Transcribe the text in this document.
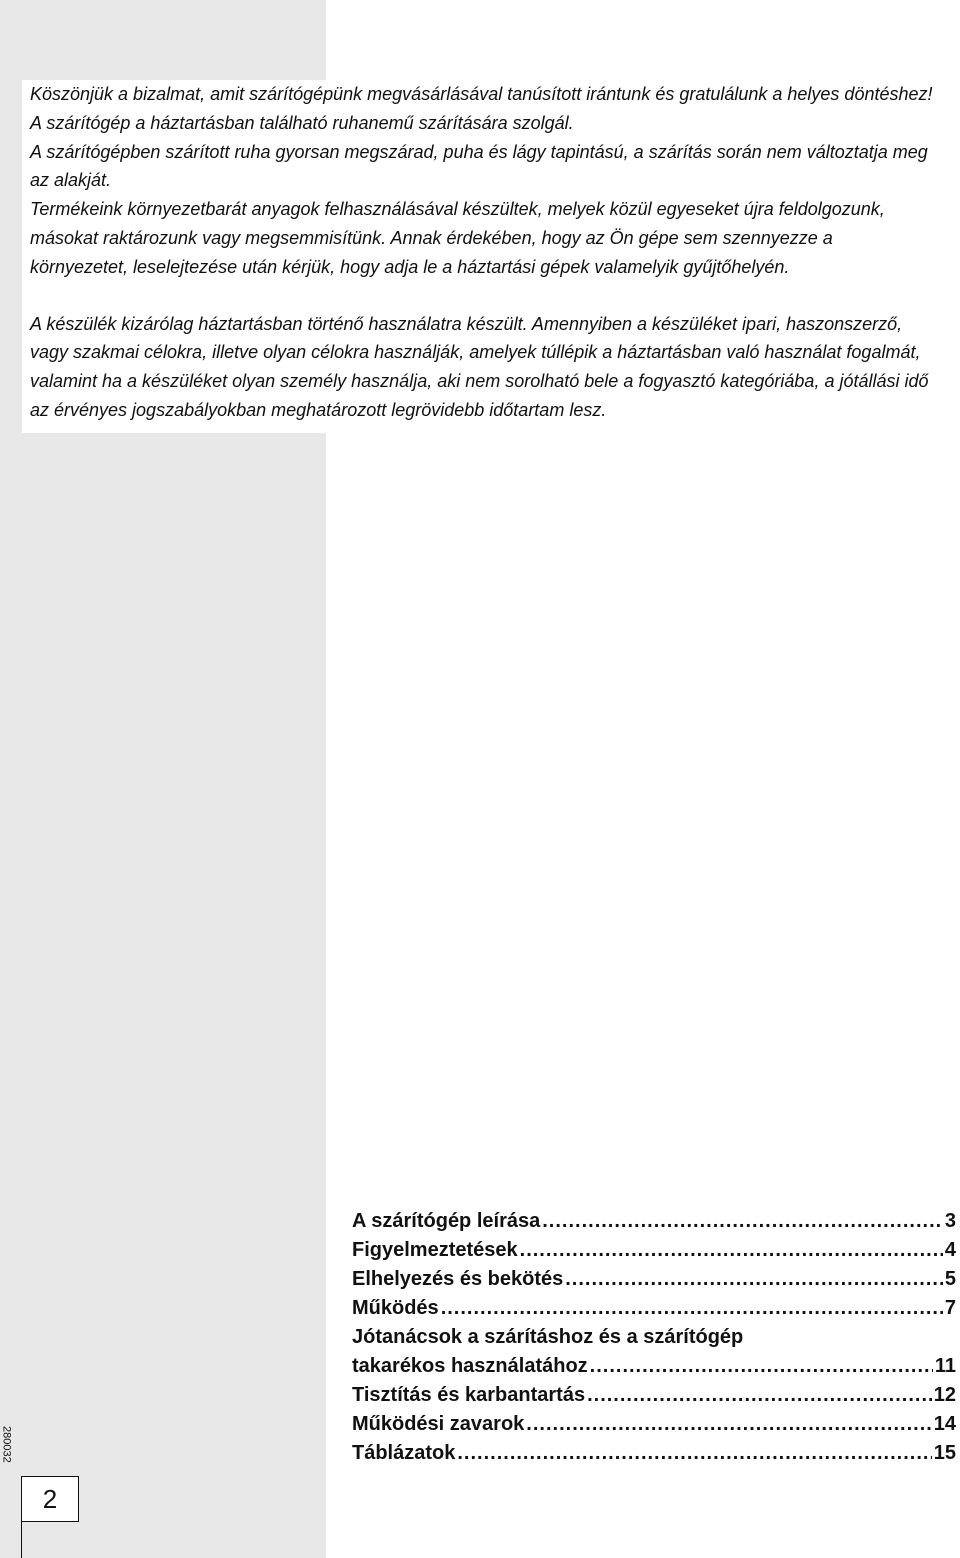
Köszönjük a bizalmat, amit szárítógépünk megvásárlásával tanúsított irántunk és gratulálunk a helyes döntéshez!

A szárítógép a háztartásban található ruhanemű szárítására szolgál.

A szárítógépben szárított ruha gyorsan megszárad, puha és lágy tapintású, a szárítás során nem változtatja meg az alakját.

Termékeink környezetbarát anyagok felhasználásával készültek, melyek közül egyeseket újra feldolgozunk, másokat raktározunk vagy megsemmisítünk. Annak érdekében, hogy az Ön gépe sem szennyezze a környezetet, leselejtezése után kérjük, hogy adja le a háztartási gépek valamelyik gyűjtőhelyén.

A készülék kizárólag háztartásban történő használatra készült. Amennyiben a készüléket ipari, haszonszerző, vagy szakmai célokra, illetve olyan célokra használják, amelyek túllépik a háztartásban való használat fogalmát, valamint ha a készüléket olyan személy használja, aki nem sorolható bele a fogyasztó kategóriába, a jótállási idő az érvényes jogszabályokban meghatározott legrövidebb időtartam lesz.

A szárítógép leírása .....	3
Figyelmeztetések .....	4
Elhelyezés és bekötés .....	5
Működés .....	7
Jótanácsok a szárításhoz és a szárítógép
takarékos használatához .....	11
Tisztítás és karbantartás .....	12
Működési zavarok .....	14
Táblázatok .....	15
280032
2
